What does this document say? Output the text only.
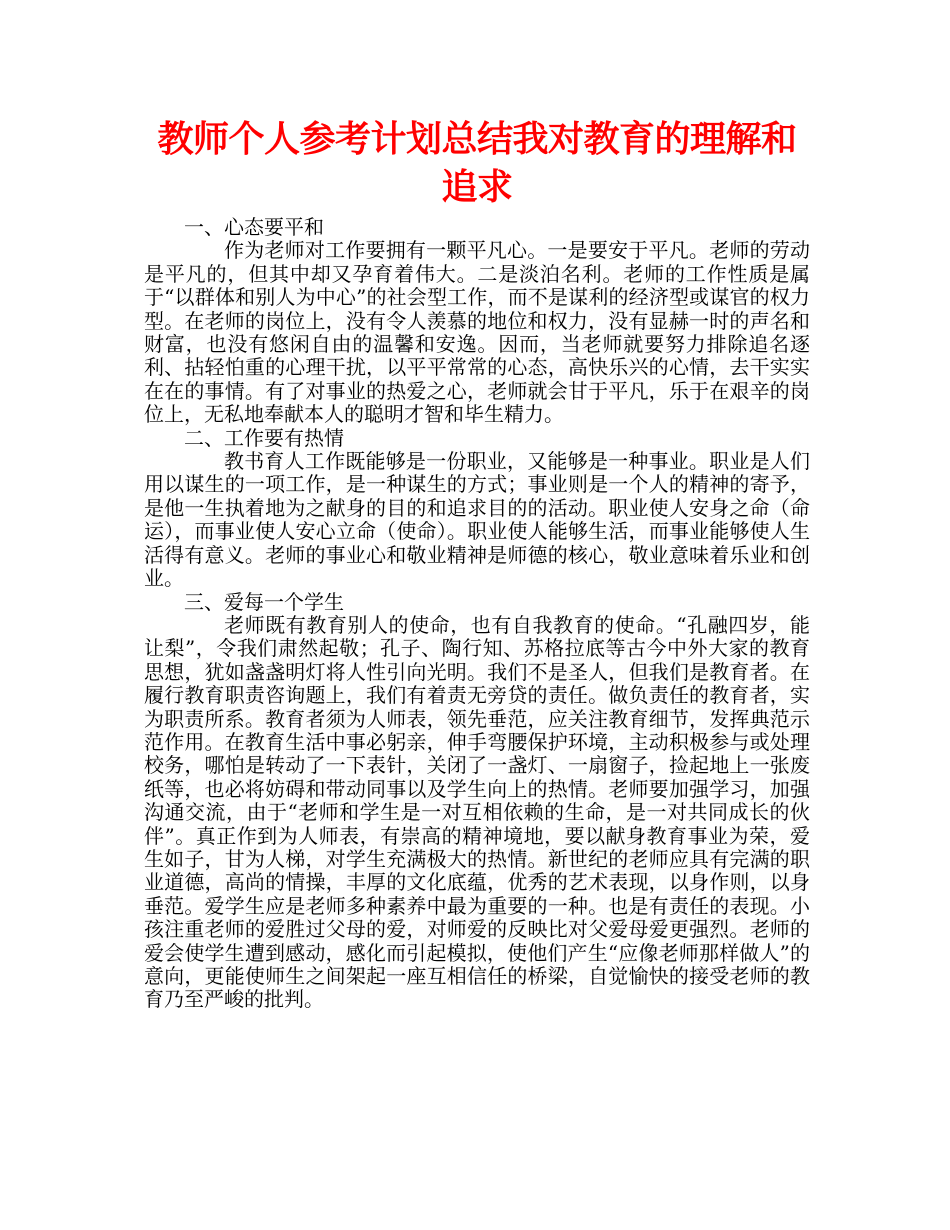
教师个人参考计划总结我对教育的理解和追求

一、心态要平和

作为老师对工作要拥有一颗平凡心。一是要安于平凡。老师的劳动是平凡的，但其中却又孕育着伟大。二是淡泊名利。老师的工作性质是属于“以群体和别人为中心”的社会型工作，而不是谋利的经济型或谋官的权力型。在老师的岗位上，没有令人羡慕的地位和权力，没有显赫一时的声名和财富，也没有悠闲自由的温馨和安逸。因而，当老师就要努力排除追名逐利、拈轻怕重的心理干扰，以平平常常的心态，高快乐兴的心情，去干实实在在的事情。有了对事业的热爱之心，老师就会甘于平凡，乐于在艰辛的岗位上，无私地奉献本人的聪明才智和毕生精力。

二、工作要有热情

教书育人工作既能够是一份职业，又能够是一种事业。职业是人们用以谋生的一项工作，是一种谋生的方式；事业则是一个人的精神的寄予，是他一生执着地为之献身的目的和追求目的的活动。职业使人安身之命（命运），而事业使人安心立命（使命）。职业使人能够生活，而事业能够使人生活得有意义。老师的事业心和敬业精神是师德的核心，敬业意味着乐业和创业。

三、爱每一个学生

老师既有教育别人的使命，也有自我教育的使命。“孔融四岁，能让梨”，令我们肃然起敬；孔子、陶行知、苏格拉底等古今中外大家的教育思想，犹如盏盏明灯将人性引向光明。我们不是圣人，但我们是教育者。在履行教育职责咨询题上，我们有着责无旁贷的责任。做负责任的教育者，实为职责所系。教育者须为人师表，领先垂范，应关注教育细节，发挥典范示范作用。在教育生活中事必躬亲，伸手弯腰保护环境，主动积极参与或处理校务，哪怕是转动了一下表针，关闭了一盏灯、一扇窗子，捡起地上一张废纸等，也必将妨碍和带动同事以及学生向上的热情。老师要加强学习，加强沟通交流，由于“老师和学生是一对互相依赖的生命，是一对共同成长的伙伴”。真正作到为人师表，有崇高的精神境地，要以献身教育事业为荣，爱生如子，甘为人梯，对学生充满极大的热情。新世纪的老师应具有完满的职业道德，高尚的情操，丰厚的文化底蕴，优秀的艺术表现，以身作则，以身垂范。爱学生应是老师多种素养中最为重要的一种。也是有责任的表现。小孩注重老师的爱胜过父母的爱，对师爱的反映比对父爱母爱更强烈。老师的爱会使学生遭到感动，感化而引起模拟，使他们产生“应像老师那样做人”的意向，更能使师生之间架起一座互相信任的桥梁，自觉愉快的接受老师的教育乃至严峻的批判。
